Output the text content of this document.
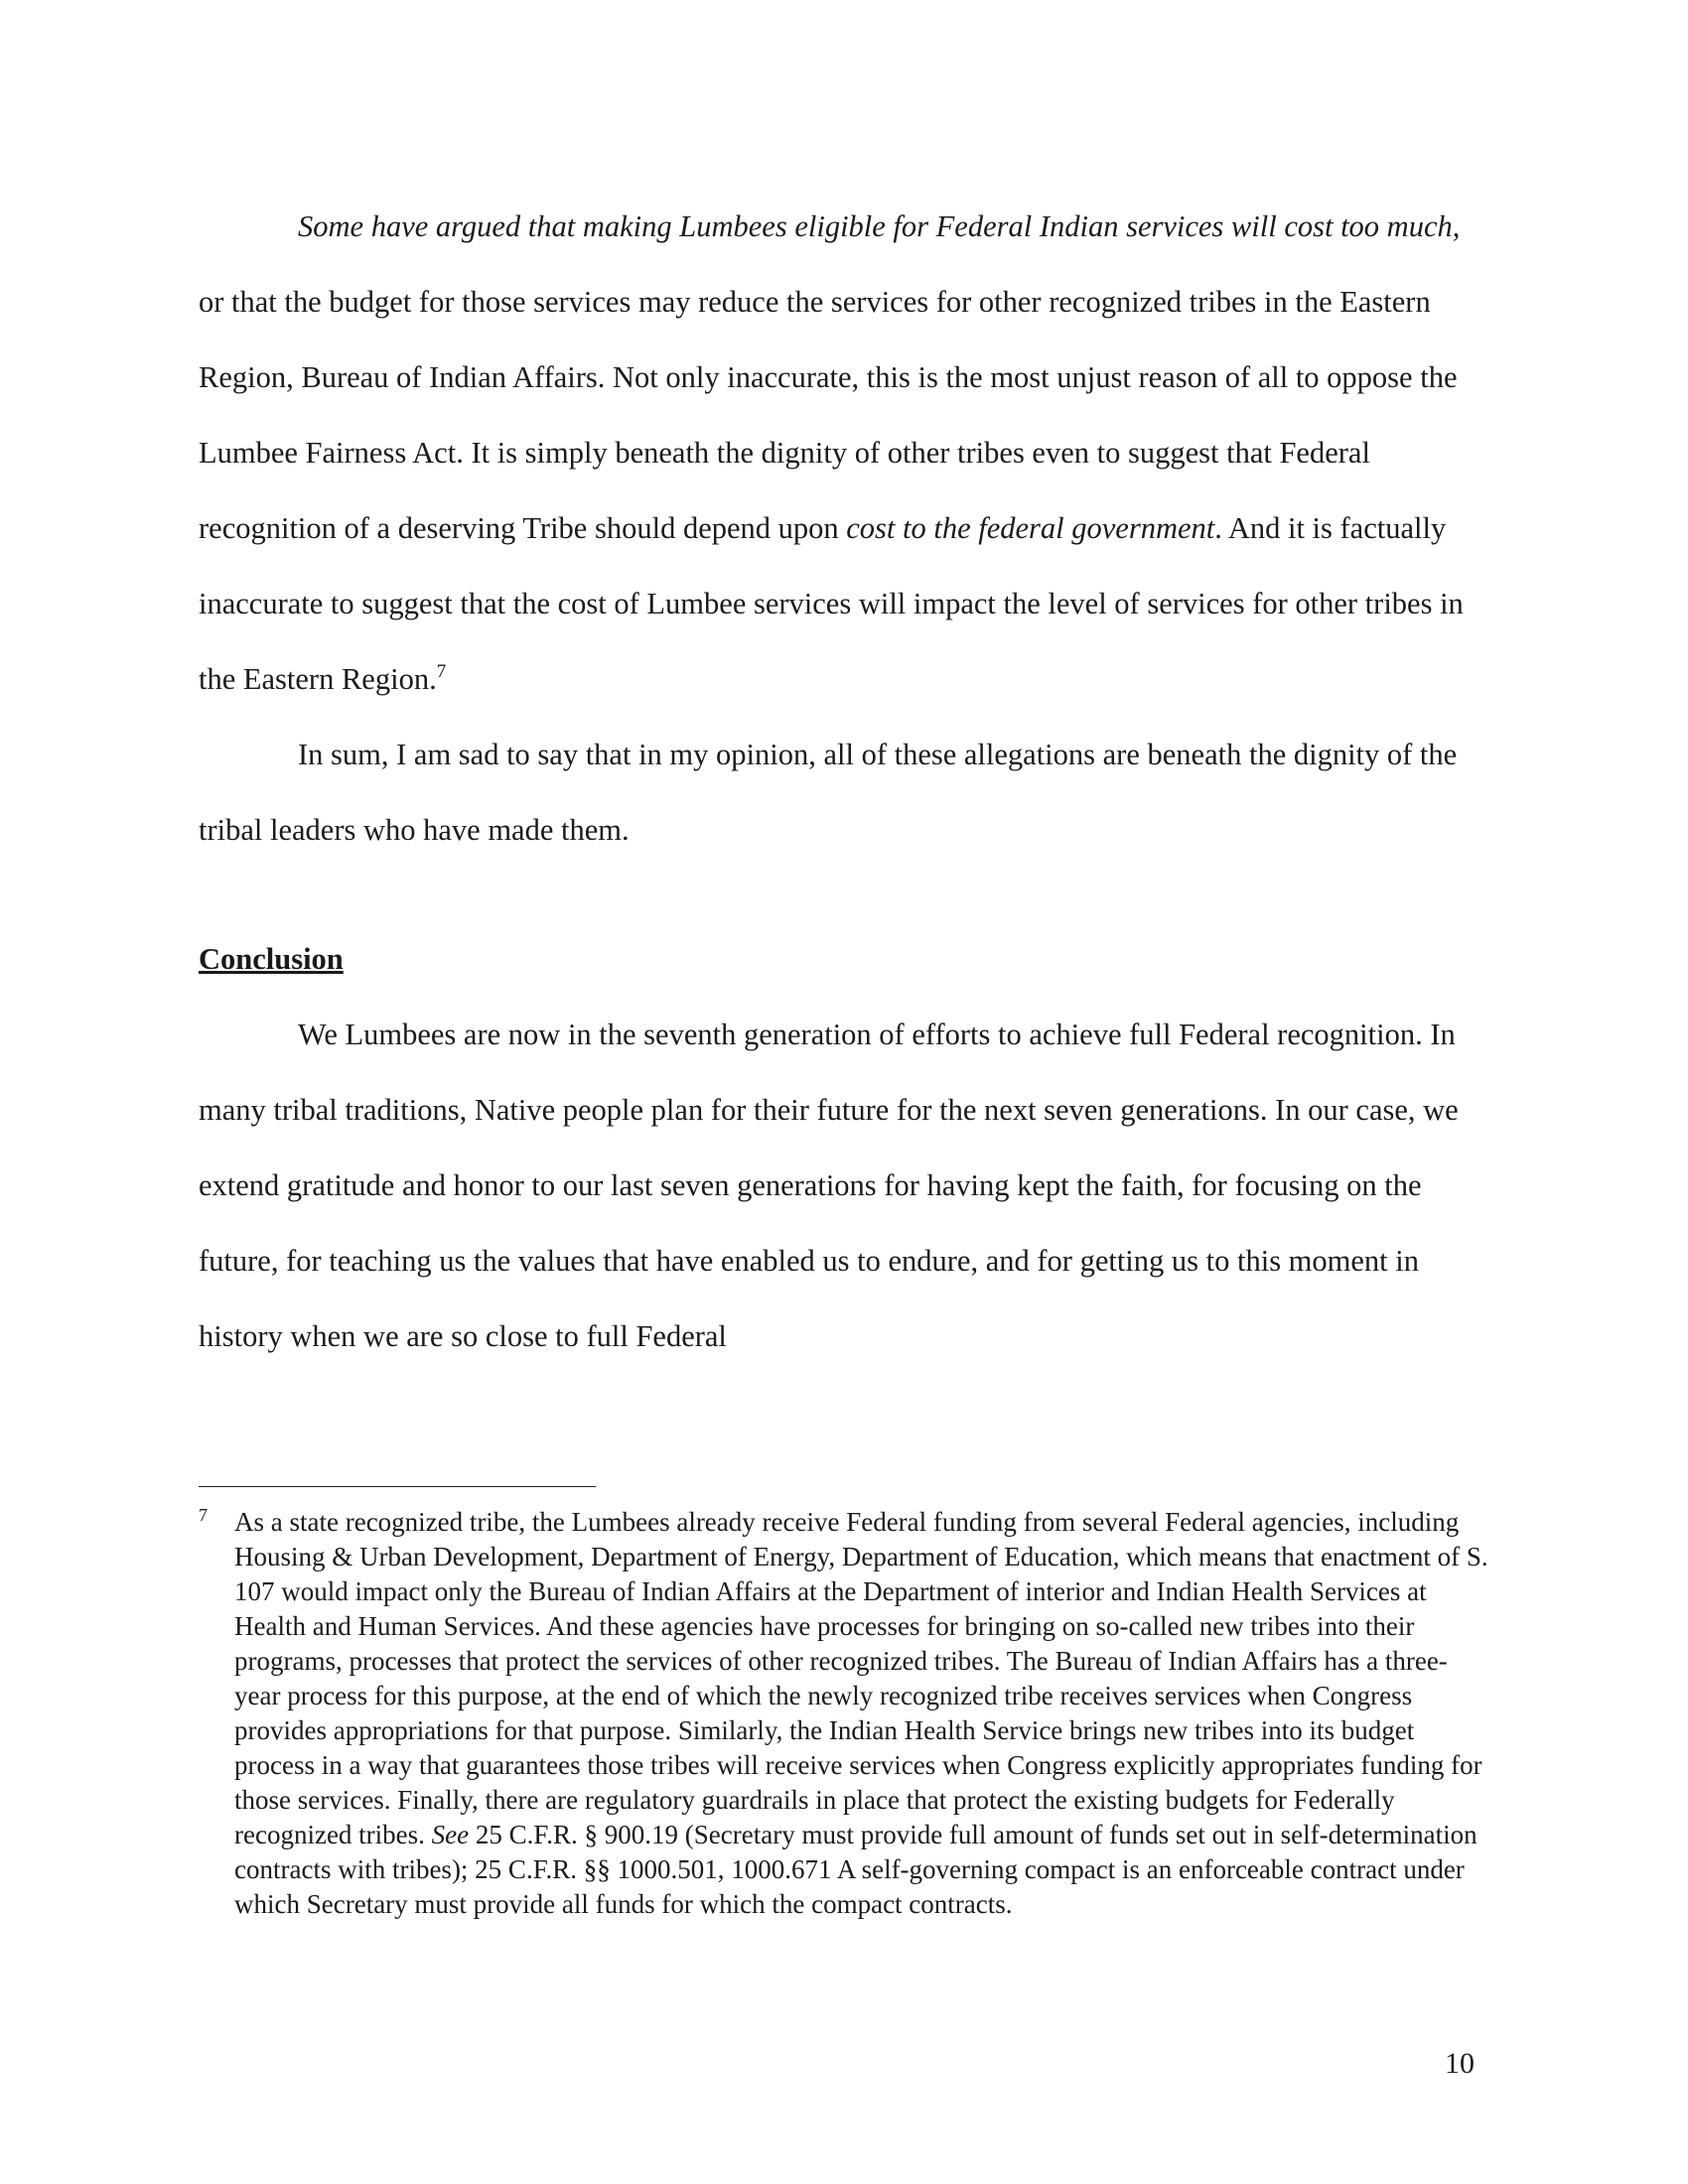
Some have argued that making Lumbees eligible for Federal Indian services will cost too much, or that the budget for those services may reduce the services for other recognized tribes in the Eastern Region, Bureau of Indian Affairs. Not only inaccurate, this is the most unjust reason of all to oppose the Lumbee Fairness Act. It is simply beneath the dignity of other tribes even to suggest that Federal recognition of a deserving Tribe should depend upon cost to the federal government. And it is factually inaccurate to suggest that the cost of Lumbee services will impact the level of services for other tribes in the Eastern Region.$^7$

In sum, I am sad to say that in my opinion, all of these allegations are beneath the dignity of the tribal leaders who have made them.

Conclusion

We Lumbees are now in the seventh generation of efforts to achieve full Federal recognition. In many tribal traditions, Native people plan for their future for the next seven generations. In our case, we extend gratitude and honor to our last seven generations for having kept the faith, for focusing on the future, for teaching us the values that have enabled us to endure, and for getting us to this moment in history when we are so close to full Federal

7 As a state recognized tribe, the Lumbees already receive Federal funding from several Federal agencies, including Housing & Urban Development, Department of Energy, Department of Education, which means that enactment of S. 107 would impact only the Bureau of Indian Affairs at the Department of interior and Indian Health Services at Health and Human Services. And these agencies have processes for bringing on so-called new tribes into their programs, processes that protect the services of other recognized tribes. The Bureau of Indian Affairs has a three-year process for this purpose, at the end of which the newly recognized tribe receives services when Congress provides appropriations for that purpose. Similarly, the Indian Health Service brings new tribes into its budget process in a way that guarantees those tribes will receive services when Congress explicitly appropriates funding for those services. Finally, there are regulatory guardrails in place that protect the existing budgets for Federally recognized tribes. See 25 C.F.R. § 900.19 (Secretary must provide full amount of funds set out in self-determination contracts with tribes); 25 C.F.R. §§ 1000.501, 1000.671 A self-governing compact is an enforceable contract under which Secretary must provide all funds for which the compact contracts.
10
